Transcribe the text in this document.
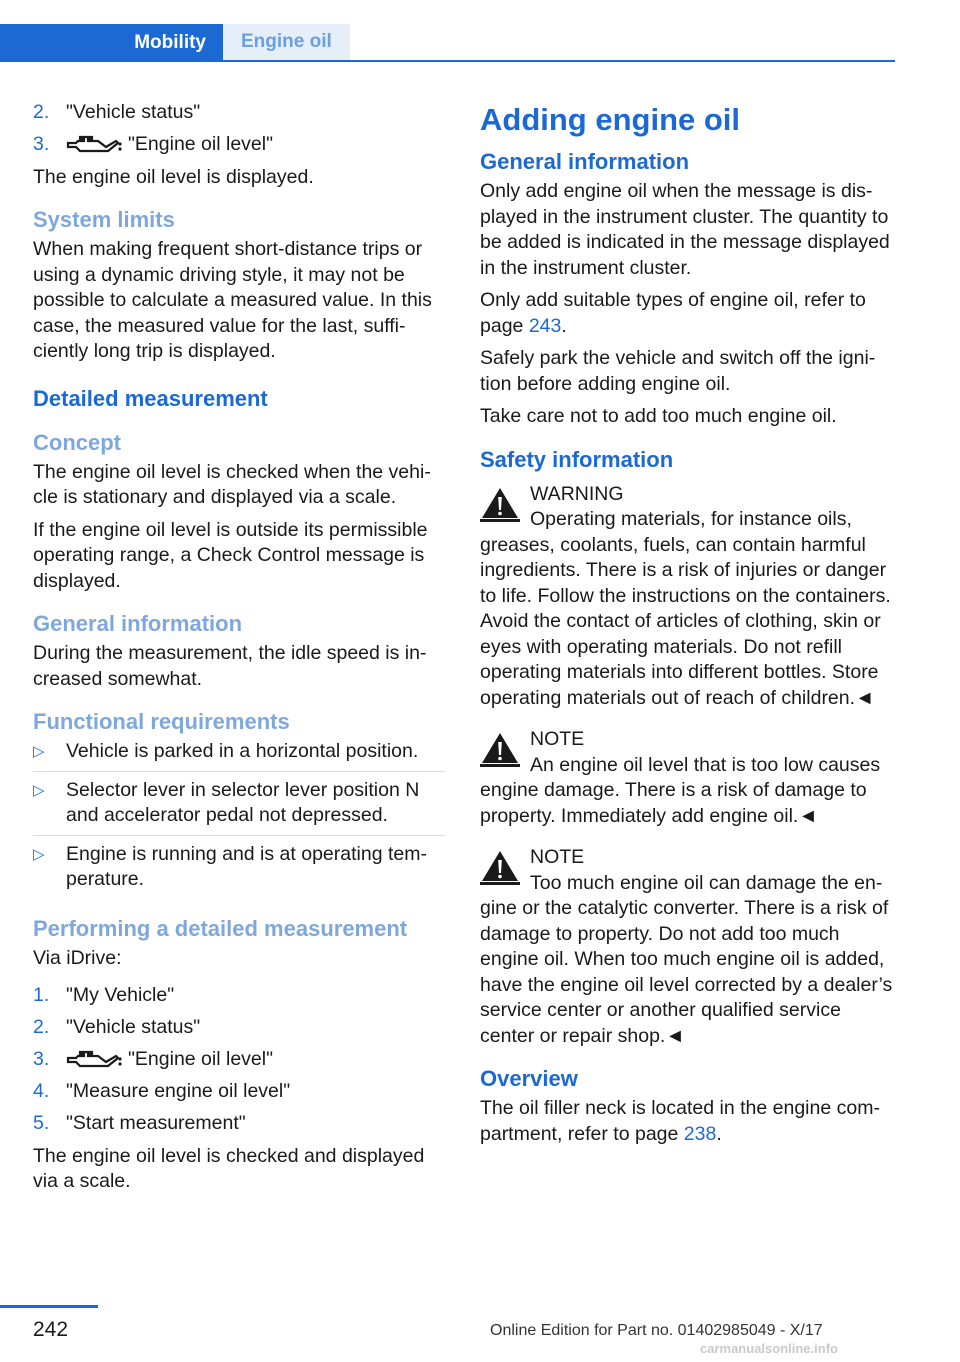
Mobility	Engine oil
2. "Vehicle status"
3.	"Engine oil level"

The engine oil level is displayed.

System limits

When making frequent short-distance trips or using a dynamic driving style, it may not be possible to calculate a measured value. In this case, the measured value for the last, sufficiently long trip is displayed.

Detailed measurement
Concept

The engine oil level is checked when the vehicle is stationary and displayed via a scale.

If the engine oil level is outside its permissible operating range, a Check Control message is displayed.

General information

During the measurement, the idle speed is increased somewhat.

Functional requirements
▷	Vehicle is parked in a horizontal position.
▷	Selector lever in selector lever position N and accelerator pedal not depressed.
▷	Engine is running and is at operating temperature.
Performing a detailed measurement

Via iDrive:

1. "My Vehicle"
2. "Vehicle status"
3.	"Engine oil level"
4. "Measure engine oil level"
5. "Start measurement"

The engine oil level is checked and displayed via a scale.

Adding engine oil
General information

Only add engine oil when the message is displayed in the instrument cluster. The quantity to be added is indicated in the message displayed in the instrument cluster.

Only add suitable types of engine oil, refer to page 243.

Safely park the vehicle and switch off the ignition before adding engine oil.

Take care not to add too much engine oil.

Safety information
WARNING
Operating materials, for instance oils, greases, coolants, fuels, can contain harmful ingredients. There is a risk of injuries or danger to life. Follow the instructions on the containers. Avoid the contact of articles of clothing, skin or eyes with operating materials. Do not refill operating materials into different bottles. Store operating materials out of reach of children.◄
NOTE
An engine oil level that is too low causes engine damage. There is a risk of damage to property. Immediately add engine oil.◄
NOTE
Too much engine oil can damage the engine or the catalytic converter. There is a risk of damage to property. Do not add too much engine oil. When too much engine oil is added, have the engine oil level corrected by a dealer’s service center or another qualified service center or repair shop.◄
Overview

The oil filler neck is located in the engine compartment, refer to page 238.

242	Online Edition for Part no. 01402985049 - X/17
carmanualsonline.info
